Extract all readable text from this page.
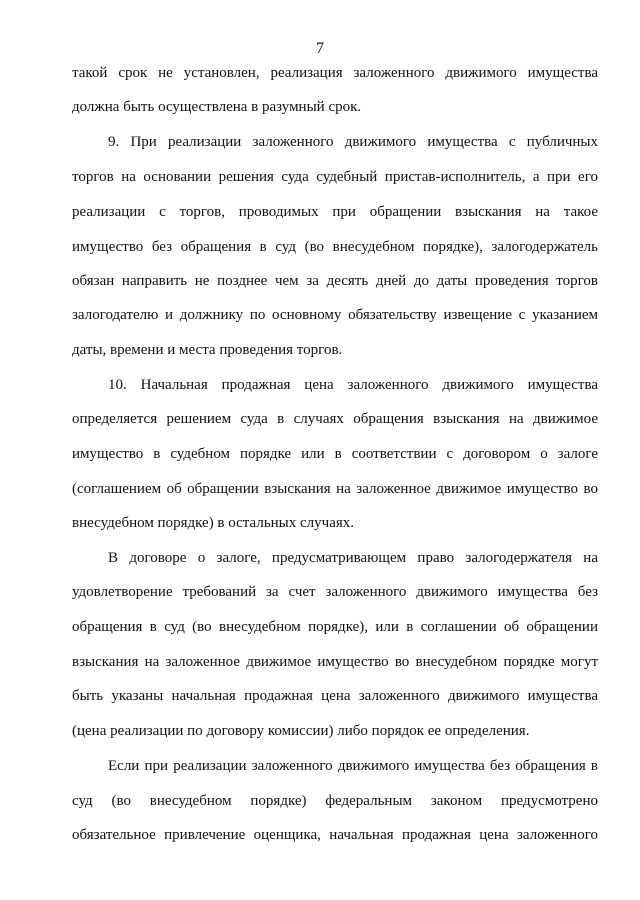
7
такой срок не установлен, реализация заложенного движимого имущества
должна быть осуществлена в разумный срок.
9. При реализации заложенного движимого имущества с публичных
торгов на основании решения суда судебный пристав-исполнитель, а при его
реализации с торгов, проводимых при обращении взыскания на такое
имущество без обращения в суд (во внесудебном порядке), залогодержатель
обязан направить не позднее чем за десять дней до даты проведения торгов
залогодателю и должнику по основному обязательству извещение с указанием
даты, времени и места проведения торгов.
10. Начальная продажная цена заложенного движимого имущества
определяется решением суда в случаях обращения взыскания на движимое
имущество в судебном порядке или в соответствии с договором о залоге
(соглашением об обращении взыскания на заложенное движимое имущество во
внесудебном порядке) в остальных случаях.
В договоре о залоге, предусматривающем право залогодержателя на
удовлетворение требований за счет заложенного движимого имущества без
обращения в суд (во внесудебном порядке), или в соглашении об обращении
взыскания на заложенное движимое имущество во внесудебном порядке могут
быть указаны начальная продажная цена заложенного движимого имущества
(цена реализации по договору комиссии) либо порядок ее определения.
Если при реализации заложенного движимого имущества без обращения в
суд (во внесудебном порядке) федеральным законом предусмотрено
обязательное привлечение оценщика, начальная продажная цена заложенного
